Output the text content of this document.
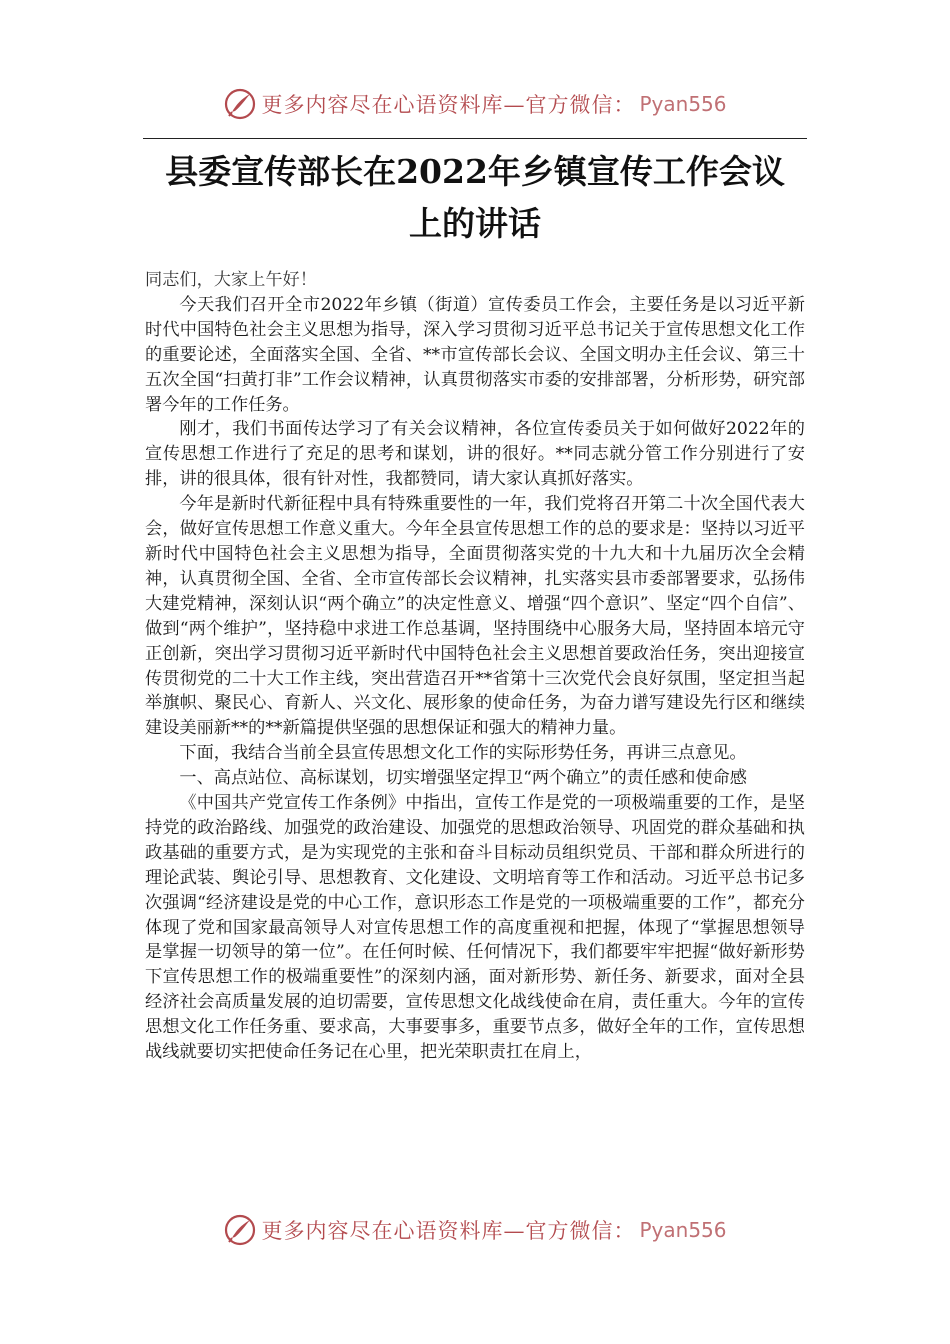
更多内容尽在心语资料库—官方微信： Pyan556
县委宣传部长在2022年乡镇宣传工作会议
上的讲话

同志们，大家上午好！

今天我们召开全市2022年乡镇（街道）宣传委员工作会，主要任务是以习近平新时代中国特色社会主义思想为指导，深入学习贯彻习近平总书记关于宣传思想文化工作的重要论述，全面落实全国、全省、**市宣传部长会议、全国文明办主任会议、第三十五次全国“扫黄打非”工作会议精神，认真贯彻落实市委的安排部署，分析形势，研究部署今年的工作任务。

刚才，我们书面传达学习了有关会议精神，各位宣传委员关于如何做好2022年的宣传思想工作进行了充足的思考和谋划，讲的很好。**同志就分管工作分别进行了安排，讲的很具体，很有针对性，我都赞同，请大家认真抓好落实。

今年是新时代新征程中具有特殊重要性的一年，我们党将召开第二十次全国代表大会，做好宣传思想工作意义重大。今年全县宣传思想工作的总的要求是：坚持以习近平新时代中国特色社会主义思想为指导，全面贯彻落实党的十九大和十九届历次全会精神，认真贯彻全国、全省、全市宣传部长会议精神，扎实落实县市委部署要求，弘扬伟大建党精神，深刻认识“两个确立”的决定性意义、增强“四个意识”、坚定“四个自信”、做到“两个维护”，坚持稳中求进工作总基调，坚持围绕中心服务大局，坚持固本培元守正创新，突出学习贯彻习近平新时代中国特色社会主义思想首要政治任务，突出迎接宣传贯彻党的二十大工作主线，突出营造召开**省第十三次党代会良好氛围，坚定担当起举旗帜、聚民心、育新人、兴文化、展形象的使命任务，为奋力谱写建设先行区和继续建设美丽新**的**新篇提供坚强的思想保证和强大的精神力量。

下面，我结合当前全县宣传思想文化工作的实际形势任务，再讲三点意见。

一、高点站位、高标谋划，切实增强坚定捍卫“两个确立”的责任感和使命感

《中国共产党宣传工作条例》中指出，宣传工作是党的一项极端重要的工作，是坚持党的政治路线、加强党的政治建设、加强党的思想政治领导、巩固党的群众基础和执政基础的重要方式，是为实现党的主张和奋斗目标动员组织党员、干部和群众所进行的理论武装、舆论引导、思想教育、文化建设、文明培育等工作和活动。习近平总书记多次强调“经济建设是党的中心工作，意识形态工作是党的一项极端重要的工作”，都充分体现了党和国家最高领导人对宣传思想工作的高度重视和把握，体现了“掌握思想领导是掌握一切领导的第一位”。在任何时候、任何情况下，我们都要牢牢把握“做好新形势下宣传思想工作的极端重要性”的深刻内涵，面对新形势、新任务、新要求，面对全县经济社会高质量发展的迫切需要，宣传思想文化战线使命在肩，责任重大。今年的宣传思想文化工作任务重、要求高，大事要事多，重要节点多，做好全年的工作，宣传思想战线就要切实把使命任务记在心里，把光荣职责扛在肩上，

更多内容尽在心语资料库—官方微信： Pyan556
